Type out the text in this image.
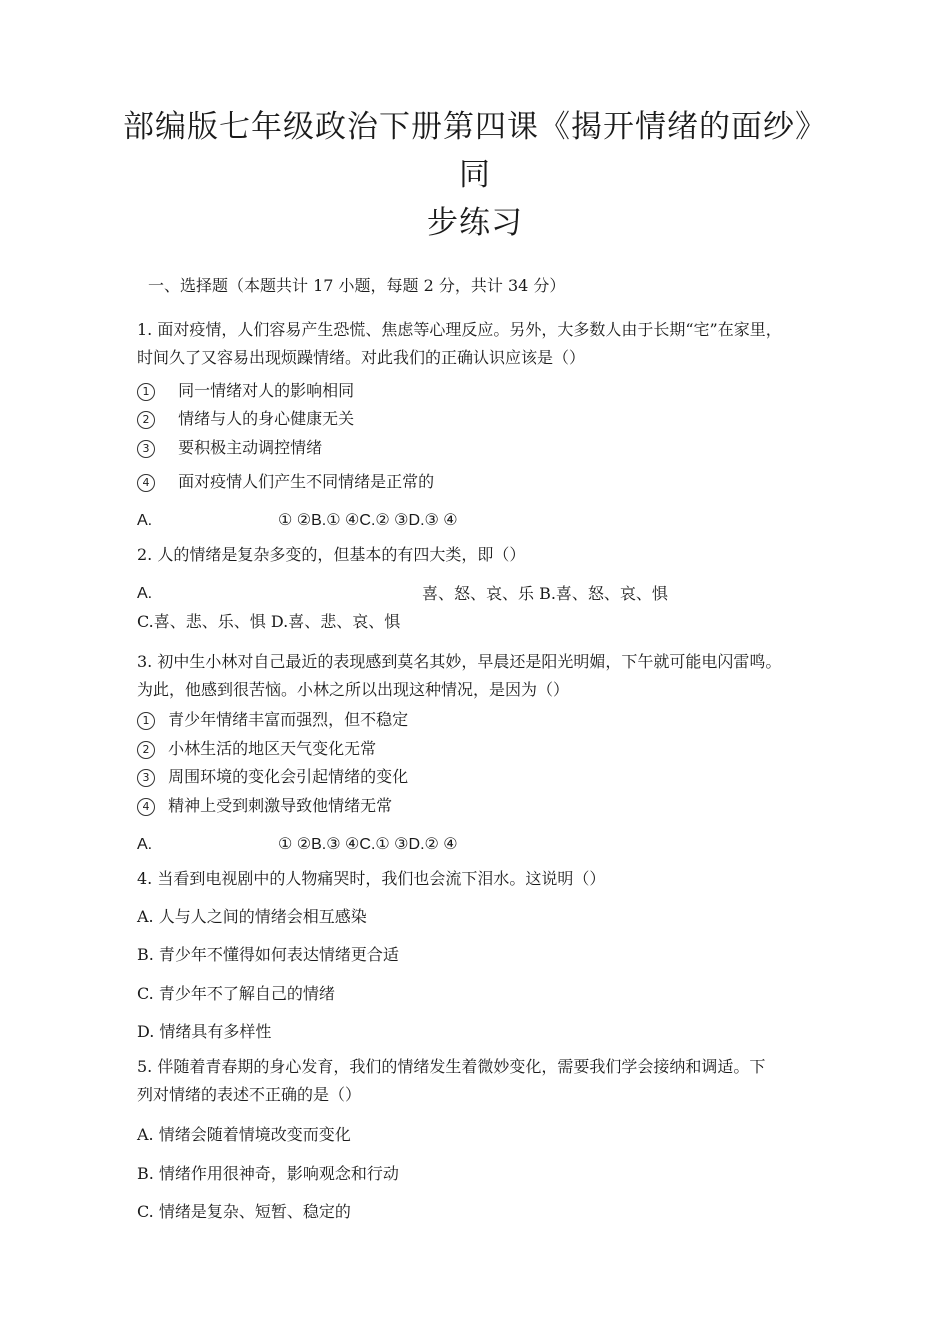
部编版七年级政治下册第四课《揭开情绪的面纱》同
步练习
一、选择题（本题共计 17 小题，每题 2 分，共计 34 分）
1. 面对疫情，人们容易产生恐慌、焦虑等心理反应。另外，大多数人由于长期“宅”在家里，
时间久了又容易出现烦躁情绪。对此我们的正确认识应该是（）
1 同一情绪对人的影响相同
2 情绪与人的身心健康无关
3 要积极主动调控情绪
4 面对疫情人们产生不同情绪是正常的
A.	① ②B.① ④C.② ③D.③ ④
2. 人的情绪是复杂多变的，但基本的有四大类，即（）
A.	喜、怒、哀、乐 B.喜、怒、哀、惧
C.喜、悲、乐、惧 D.喜、悲、哀、惧
3. 初中生小林对自己最近的表现感到莫名其妙，早晨还是阳光明媚，下午就可能电闪雷鸣。
为此，他感到很苦恼。小林之所以出现这种情况，是因为（）
1 青少年情绪丰富而强烈，但不稳定
2 小林生活的地区天气变化无常
3 周围环境的变化会引起情绪的变化
4 精神上受到刺激导致他情绪无常
A.	① ②B.③ ④C.① ③D.② ④
4. 当看到电视剧中的人物痛哭时，我们也会流下泪水。这说明（）
A. 人与人之间的情绪会相互感染
B. 青少年不懂得如何表达情绪更合适
C. 青少年不了解自己的情绪
D. 情绪具有多样性
5. 伴随着青春期的身心发育，我们的情绪发生着微妙变化，需要我们学会接纳和调适。下
列对情绪的表述不正确的是（）
A. 情绪会随着情境改变而变化
B. 情绪作用很神奇，影响观念和行动
C. 情绪是复杂、短暂、稳定的
